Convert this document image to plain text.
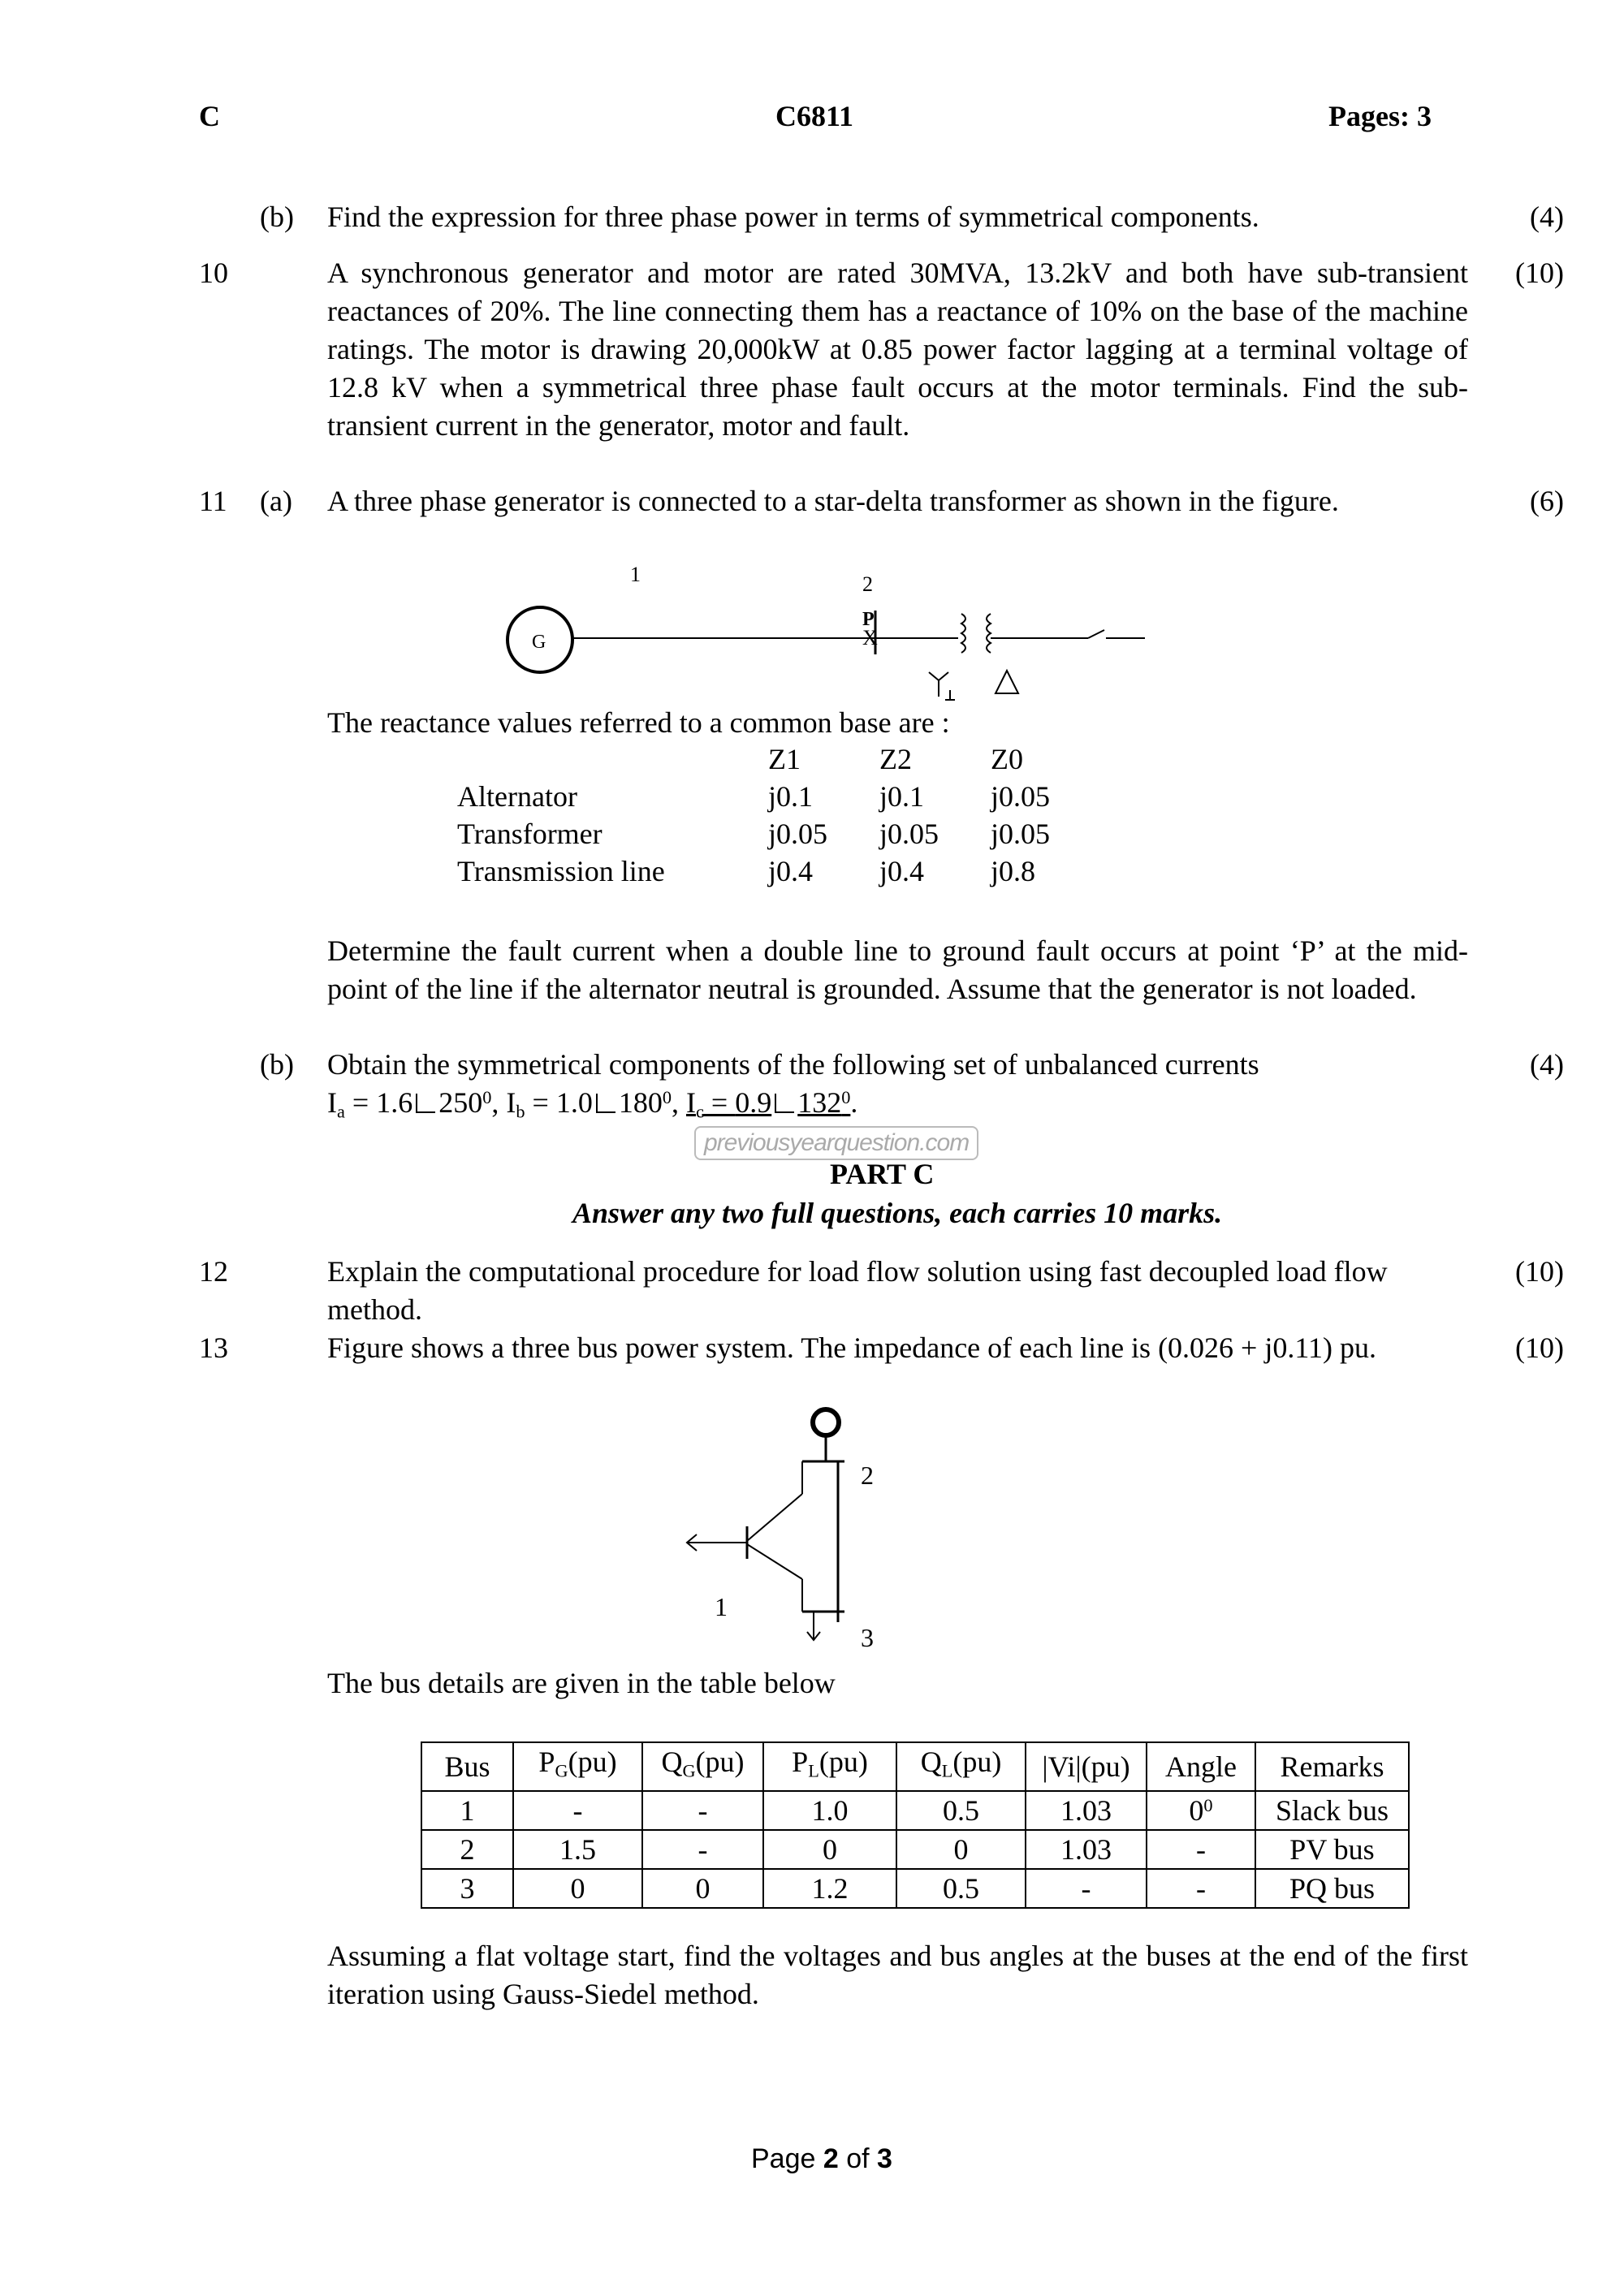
C	C6811	Pages: 3
(b) Find the expression for three phase power in terms of symmetrical components.	(4)
10	A synchronous generator and motor are rated 30MVA, 13.2kV and both have sub-transient reactances of 20%. The line connecting them has a reactance of 10% on the base of the machine ratings. The motor is drawing 20,000kW at 0.85 power factor lagging at a terminal voltage of 12.8 kV when a symmetrical three phase fault occurs at the motor terminals. Find the sub-transient current in the generator, motor and fault.
(10)
11	(a) A three phase generator is connected to a star-delta transformer as shown in the figure.	(6)
G
1
P
X
2
The reactance values referred to a common base are :
	Z1	Z2	Z0
Alternator	j0.1	j0.1	j0.05
Transformer	j0.05	j0.05	j0.05
Transmission line	j0.4	j0.4	j0.8
Determine the fault current when a double line to ground fault occurs at point ‘P’ at the mid-point of the line if the alternator neutral is grounded. Assume that the generator is not loaded.
(b) Obtain the symmetrical components of the following set of unbalanced currents	(4)
$I_a = 1.6$ $250^0$, $I_b = 1.0$ $180^0$, $I_c = 0.9$ $132^0$.
previousyearquestion.com
PART C
Answer any two full questions, each carries 10 marks.
12	Explain the computational procedure for load flow solution using fast decoupled load flow method.
(10)
13	Figure shows a three bus power system. The impedance of each line is (0.026 + j0.11) pu.	(10)
2
1
3
The bus details are given in the table below
Bus	$P_G(pu)$	$Q_G(pu)$	$P_L(pu)$	$Q_L(pu)$	|Vi|(pu)	Angle	Remarks
1	-	-	1.0	0.5	1.03	$0^0$	Slack bus
2	1.5	-	0	0	1.03	-	PV bus
3	0	0	1.2	0.5	-	-	PQ bus
Assuming a flat voltage start, find the voltages and bus angles at the buses at the end of the first iteration using Gauss-Siedel method.
Page 2 of 3
